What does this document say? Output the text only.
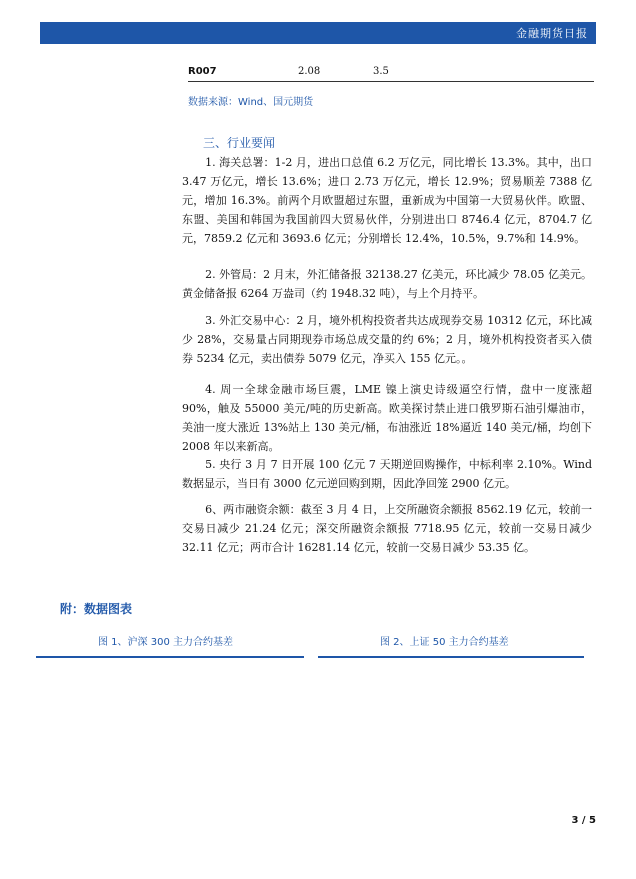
金融期货日报
R007	2.08	3.5
数据来源：Wind、国元期货
三、行业要闻

1. 海关总署：1-2 月，进出口总值 6.2 万亿元，同比增长 13.3%。其中，出口 3.47 万亿元，增长 13.6%；进口 2.73 万亿元，增长 12.9%；贸易顺差 7388 亿元，增加 16.3%。前两个月欧盟超过东盟，重新成为中国第一大贸易伙伴。欧盟、东盟、美国和韩国为我国前四大贸易伙伴，分别进出口 8746.4 亿元，8704.7 亿元，7859.2 亿元和 3693.6 亿元；分别增长 12.4%，10.5%，9.7%和 14.9%。

2. 外管局：2 月末，外汇储备报 32138.27 亿美元，环比减少 78.05 亿美元。黄金储备报 6264 万盎司（约 1948.32 吨），与上个月持平。

3. 外汇交易中心：2 月，境外机构投资者共达成现券交易 10312 亿元，环比减少 28%，交易量占同期现券市场总成交量的约 6%；2 月，境外机构投资者买入债券 5234 亿元，卖出债券 5079 亿元，净买入 155 亿元。。

4. 周一全球金融市场巨震，LME 镍上演史诗级逼空行情，盘中一度涨超 90%，触及 55000 美元/吨的历史新高。欧美探讨禁止进口俄罗斯石油引爆油市，美油一度大涨近 13%站上 130 美元/桶，布油涨近 18%逼近 140 美元/桶，均创下 2008 年以来新高。

5. 央行 3 月 7 日开展 100 亿元 7 天期逆回购操作，中标利率 2.10%。Wind 数据显示，当日有 3000 亿元逆回购到期，因此净回笼 2900 亿元。

6、两市融资余额：截至 3 月 4 日，上交所融资余额报 8562.19 亿元，较前一交易日减少 21.24 亿元；深交所融资余额报 7718.95 亿元，较前一交易日减少 32.11 亿元；两市合计 16281.14 亿元，较前一交易日减少 53.35 亿。

附：数据图表
图 1、沪深 300 主力合约基差	图 2、上证 50 主力合约基差
3 / 5
